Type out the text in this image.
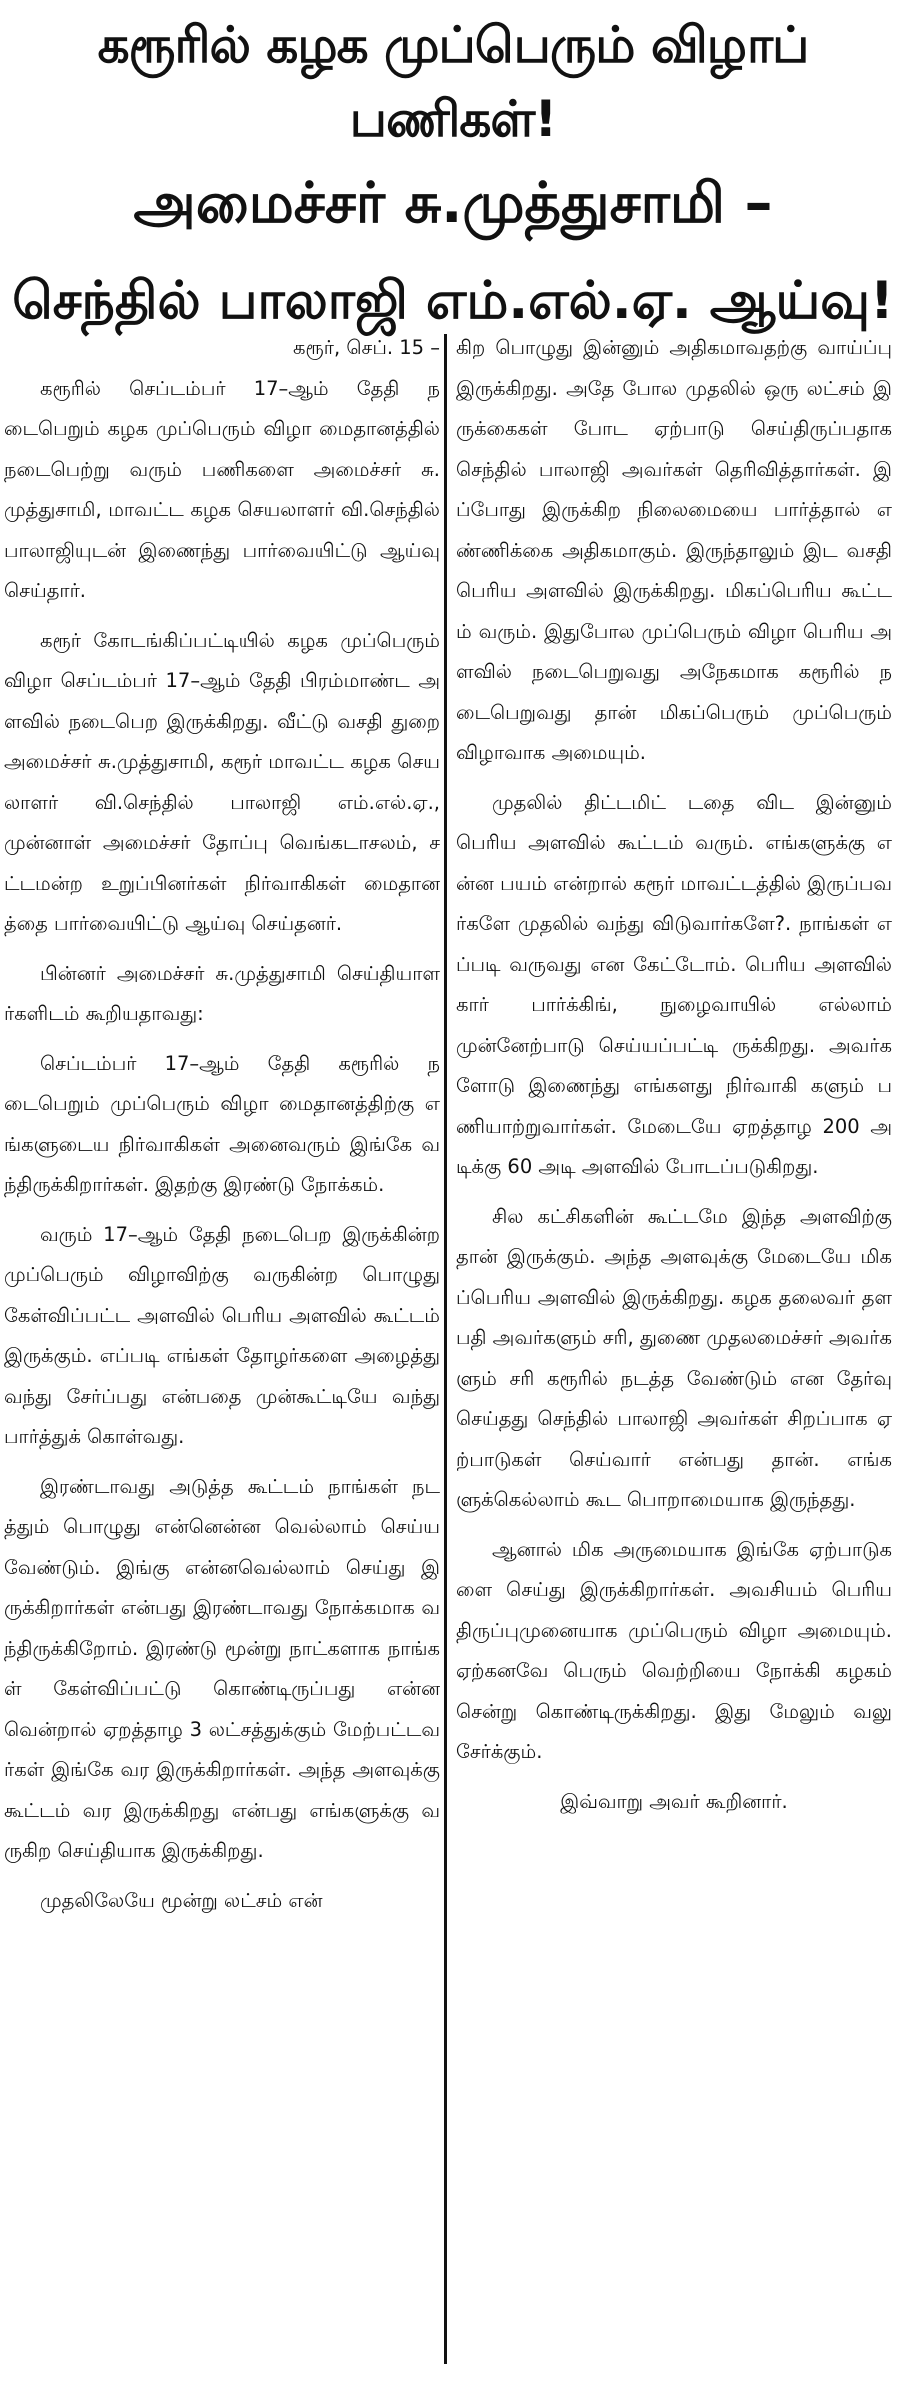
கரூரில் கழக முப்பெரும் விழாப் பணிகள்!
அமைச்சர் சு.முத்துசாமி –
செந்தில் பாலாஜி எம்.எல்.ஏ. ஆய்வு!

கரூர், செப். 15 –

கரூரில் செப்டம்பர் 17–ஆம் தேதி நடைபெறும் கழக முப்பெரும் விழா மைதானத்தில் நடைபெற்று வரும் பணிகளை அமைச்சர் சு.முத்துசாமி, மாவட்ட கழக செயலாளர் வி.செந்தில் பாலாஜியுடன் இணைந்து பார்வையிட்டு ஆய்வு செய்தார்.

கரூர் கோடங்கிப்பட்டியில் கழக முப்பெரும் விழா செப்டம்பர் 17–ஆம் தேதி பிரம்மாண்ட அளவில் நடைபெற இருக்கிறது. வீட்டு வசதி துறை அமைச்சர் சு.முத்துசாமி, கரூர் மாவட்ட கழக செயலாளர் வி.செந்தில் பாலாஜி எம்.எல்.ஏ., முன்னாள் அமைச்சர் தோப்பு வெங்கடாசலம், சட்டமன்ற உறுப்பினர்கள் நிர்வாகிகள் மைதானத்தை பார்வையிட்டு ஆய்வு செய்தனர்.

பின்னர் அமைச்சர் சு.முத்துசாமி செய்தியாளர்களிடம் கூறியதாவது:

செப்டம்பர் 17–ஆம் தேதி கரூரில் நடைபெறும் முப்பெரும் விழா மைதானத்திற்கு எங்களுடைய நிர்வாகிகள் அனைவரும் இங்கே வந்திருக்கிறார்கள். இதற்கு இரண்டு நோக்கம்.

வரும் 17–ஆம் தேதி நடைபெற இருக்கின்ற முப்பெரும் விழாவிற்கு வருகின்ற பொழுது கேள்விப்பட்ட அளவில் பெரிய அளவில் கூட்டம் இருக்கும். எப்படி எங்கள் தோழர்களை அழைத்து வந்து சேர்ப்பது என்பதை முன்கூட்டியே வந்து பார்த்துக் கொள்வது.

இரண்டாவது அடுத்த கூட்டம் நாங்கள் நடத்தும் பொழுது என்னென்ன வெல்லாம் செய்ய வேண்டும். இங்கு என்னவெல்லாம் செய்து இருக்கிறார்கள் என்பது இரண்டாவது நோக்கமாக வந்திருக்கிறோம். இரண்டு மூன்று நாட்களாக நாங்கள் கேள்விப்பட்டு கொண்டிருப்பது என்னவென்றால் ஏறத்தாழ 3 லட்சத்துக்கும் மேற்பட்டவர்கள் இங்கே வர இருக்கிறார்கள். அந்த அளவுக்கு கூட்டம் வர இருக்கிறது என்பது எங்களுக்கு வருகிற செய்தியாக இருக்கிறது.

முதலிலேயே மூன்று லட்சம் என்

கிற பொழுது இன்னும் அதிகமாவதற்கு வாய்ப்பு இருக்கிறது. அதே போல முதலில் ஒரு லட்சம் இருக்கைகள் போட ஏற்பாடு செய்திருப்பதாக செந்தில் பாலாஜி அவர்கள் தெரிவித்தார்கள். இப்போது இருக்கிற நிலைமையை பார்த்தால் எண்ணிக்கை அதிகமாகும். இருந்தாலும் இட வசதி பெரிய அளவில் இருக்கிறது. மிகப்பெரிய கூட்டம் வரும். இதுபோல முப்பெரும் விழா பெரிய அளவில் நடைபெறுவது அநேகமாக கரூரில் நடைபெறுவது தான் மிகப்பெரும் முப்பெரும் விழாவாக அமையும்.

முதலில் திட்டமிட் டதை விட இன்னும் பெரிய அளவில் கூட்டம் வரும். எங்களுக்கு என்ன பயம் என்றால் கரூர் மாவட்டத்தில் இருப்பவர்களே முதலில் வந்து விடுவார்களே?. நாங்கள் எப்படி வருவது என கேட்டோம். பெரிய அளவில் கார் பார்க்கிங், நுழைவாயில் எல்லாம் முன்னேற்பாடு செய்யப்பட்டி ருக்கிறது. அவர்களோடு இணைந்து எங்களது நிர்வாகி களும் பணியாற்றுவார்கள். மேடையே ஏறத்தாழ 200 அடிக்கு 60 அடி அளவில் போடப்படுகிறது.

சில கட்சிகளின் கூட்டமே இந்த அளவிற்கு தான் இருக்கும். அந்த அளவுக்கு மேடையே மிகப்பெரிய அளவில் இருக்கிறது. கழக தலைவர் தளபதி அவர்களும் சரி, துணை முதலமைச்சர் அவர்களும் சரி கரூரில் நடத்த வேண்டும் என தேர்வு செய்தது செந்தில் பாலாஜி அவர்கள் சிறப்பாக ஏற்பாடுகள் செய்வார் என்பது தான். எங்களுக்கெல்லாம் கூட பொறாமையாக இருந்தது.

ஆனால் மிக அருமையாக இங்கே ஏற்பாடுகளை செய்து இருக்கிறார்கள். அவசியம் பெரிய திருப்புமுனையாக முப்பெரும் விழா அமையும். ஏற்கனவே பெரும் வெற்றியை நோக்கி கழகம் சென்று கொண்டிருக்கிறது. இது மேலும் வலு சேர்க்கும்.

இவ்வாறு அவர் கூறினார்.
